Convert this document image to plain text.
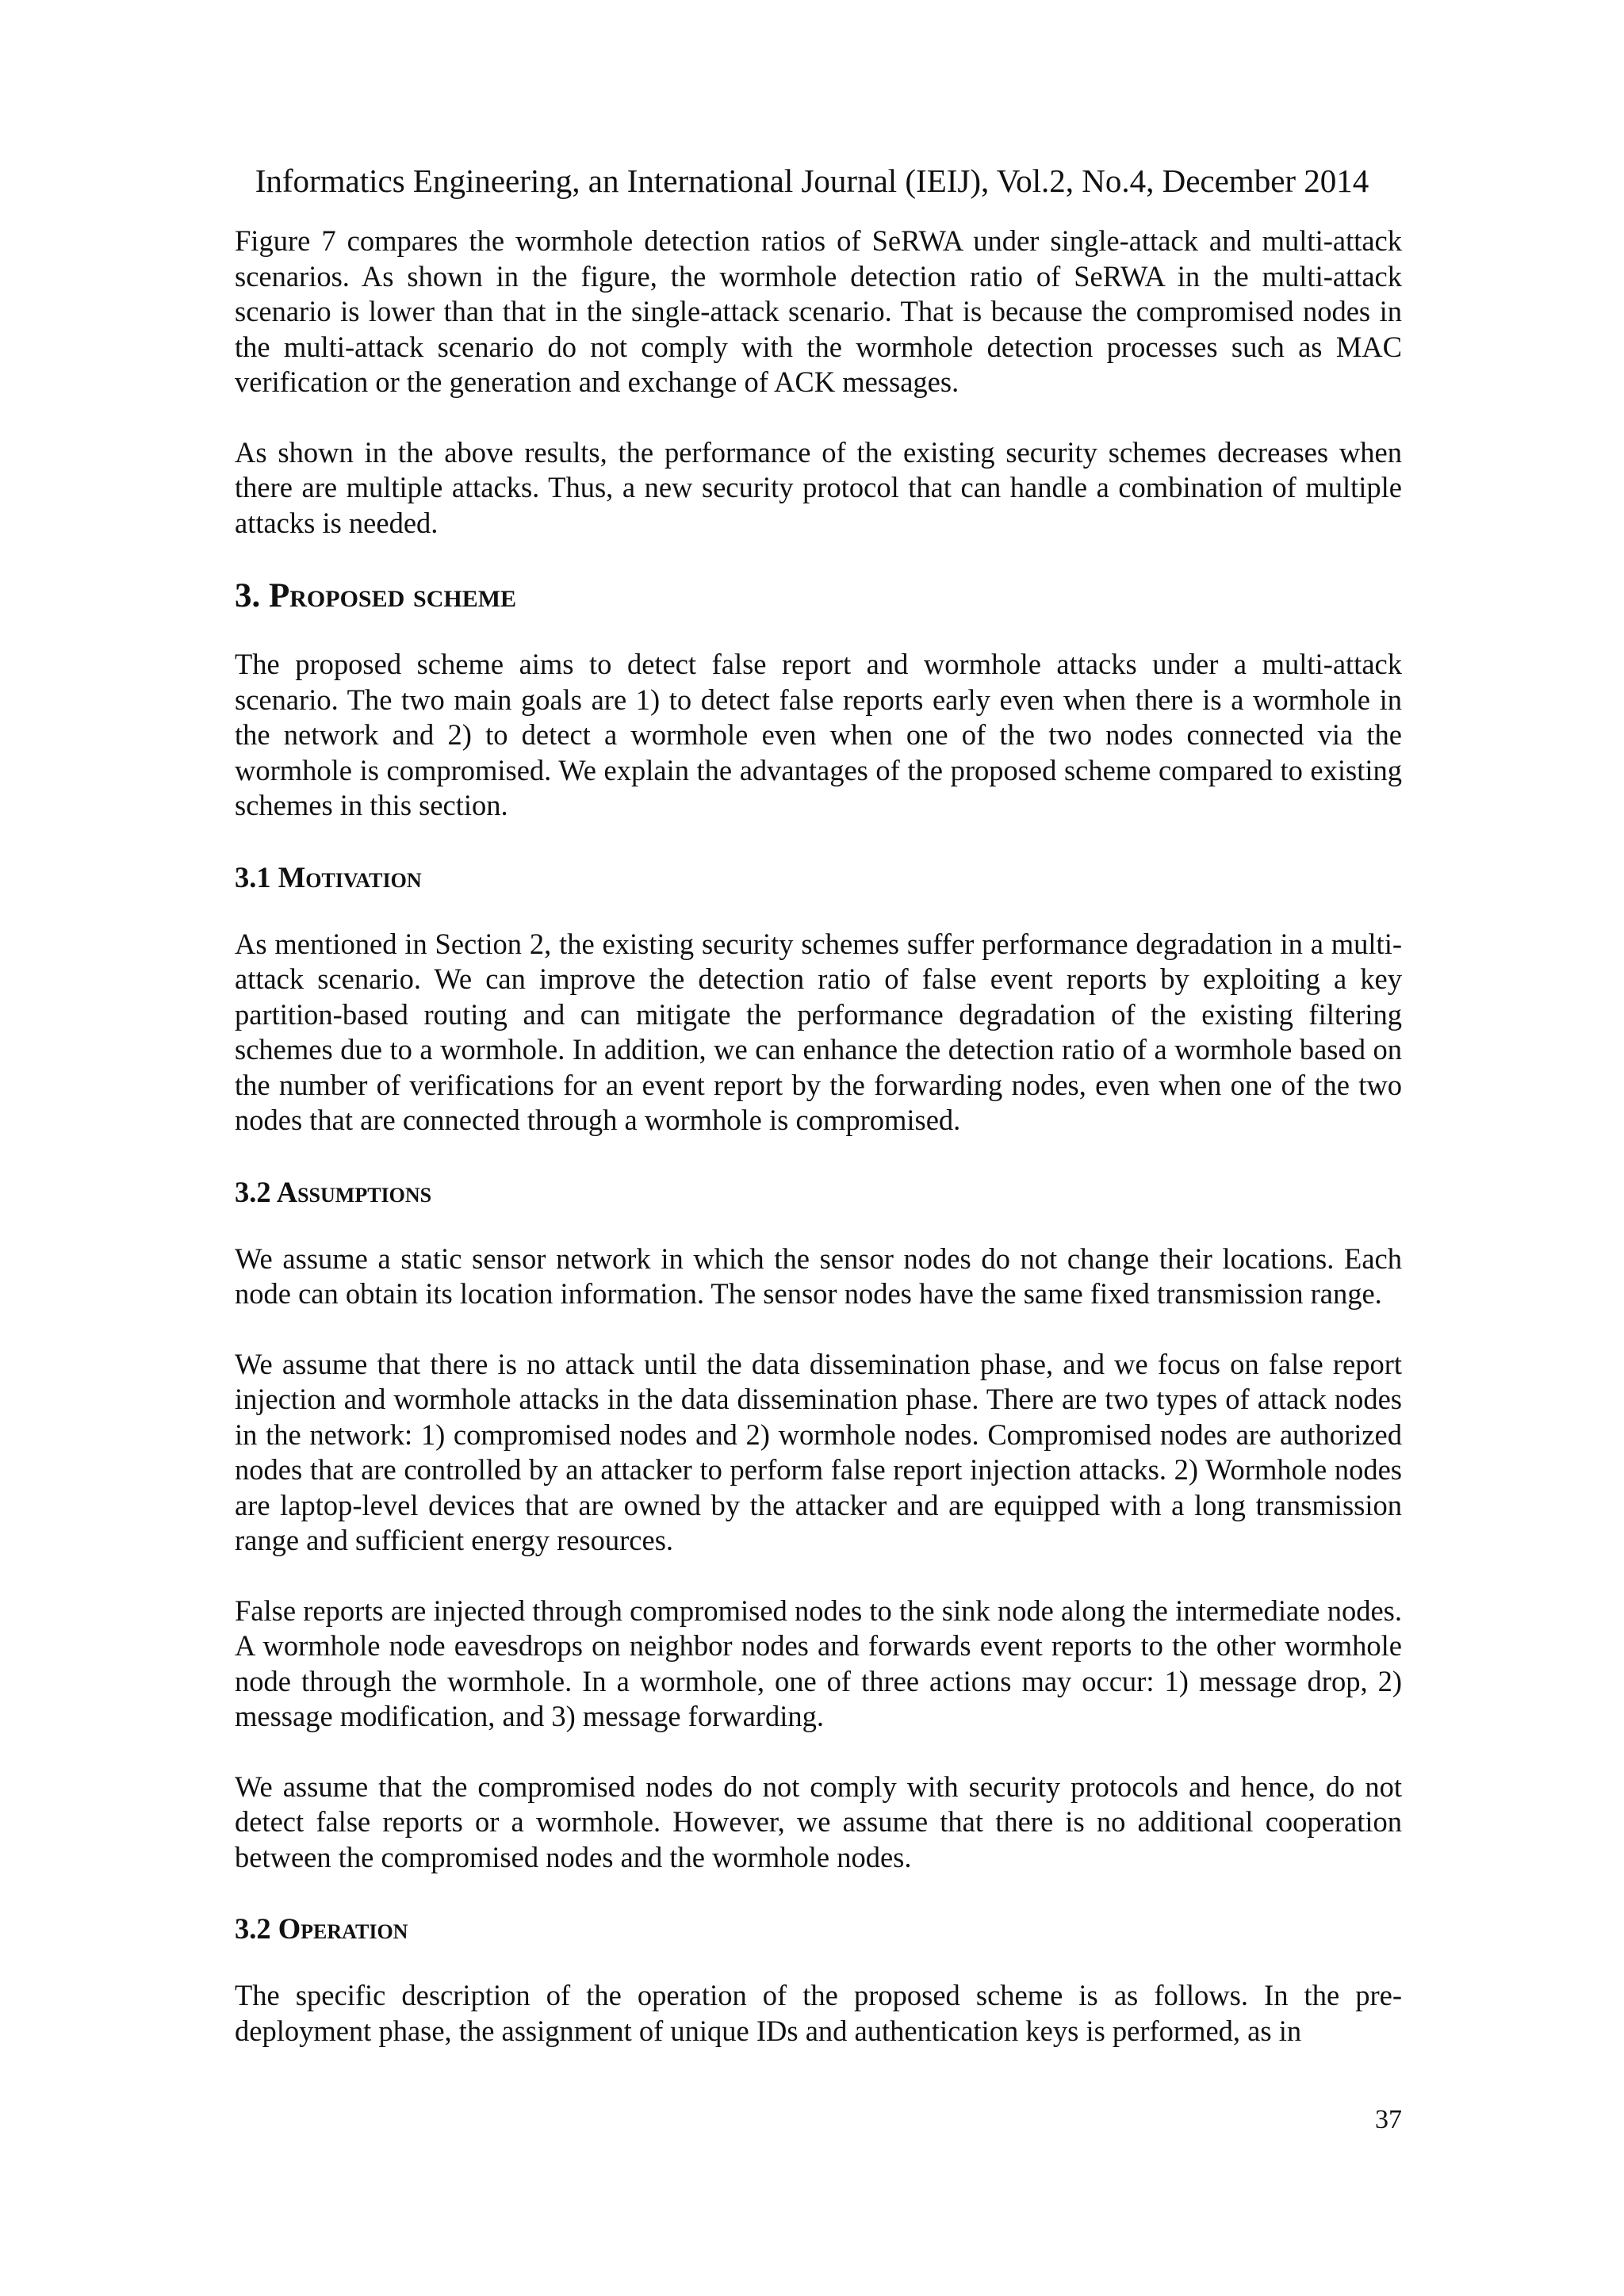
Informatics Engineering, an International Journal (IEIJ), Vol.2, No.4, December 2014

Figure 7 compares the wormhole detection ratios of SeRWA under single-attack and multi-attack scenarios. As shown in the figure, the wormhole detection ratio of SeRWA in the multi-attack scenario is lower than that in the single-attack scenario. That is because the compromised nodes in the multi-attack scenario do not comply with the wormhole detection processes such as MAC verification or the generation and exchange of ACK messages.

As shown in the above results, the performance of the existing security schemes decreases when there are multiple attacks. Thus, a new security protocol that can handle a combination of multiple attacks is needed.

3. Proposed scheme

The proposed scheme aims to detect false report and wormhole attacks under a multi-attack scenario. The two main goals are 1) to detect false reports early even when there is a wormhole in the network and 2) to detect a wormhole even when one of the two nodes connected via the wormhole is compromised. We explain the advantages of the proposed scheme compared to existing schemes in this section.

3.1 Motivation

As mentioned in Section 2, the existing security schemes suffer performance degradation in a multi-attack scenario. We can improve the detection ratio of false event reports by exploiting a key partition-based routing and can mitigate the performance degradation of the existing filtering schemes due to a wormhole. In addition, we can enhance the detection ratio of a wormhole based on the number of verifications for an event report by the forwarding nodes, even when one of the two nodes that are connected through a wormhole is compromised.

3.2 Assumptions

We assume a static sensor network in which the sensor nodes do not change their locations. Each node can obtain its location information. The sensor nodes have the same fixed transmission range.

We assume that there is no attack until the data dissemination phase, and we focus on false report injection and wormhole attacks in the data dissemination phase. There are two types of attack nodes in the network: 1) compromised nodes and 2) wormhole nodes. Compromised nodes are authorized nodes that are controlled by an attacker to perform false report injection attacks. 2) Wormhole nodes are laptop-level devices that are owned by the attacker and are equipped with a long transmission range and sufficient energy resources.

False reports are injected through compromised nodes to the sink node along the intermediate nodes. A wormhole node eavesdrops on neighbor nodes and forwards event reports to the other wormhole node through the wormhole. In a wormhole, one of three actions may occur: 1) message drop, 2) message modification, and 3) message forwarding.

We assume that the compromised nodes do not comply with security protocols and hence, do not detect false reports or a wormhole. However, we assume that there is no additional cooperation between the compromised nodes and the wormhole nodes.

3.2 Operation

The specific description of the operation of the proposed scheme is as follows. In the pre-deployment phase, the assignment of unique IDs and authentication keys is performed, as in

37
